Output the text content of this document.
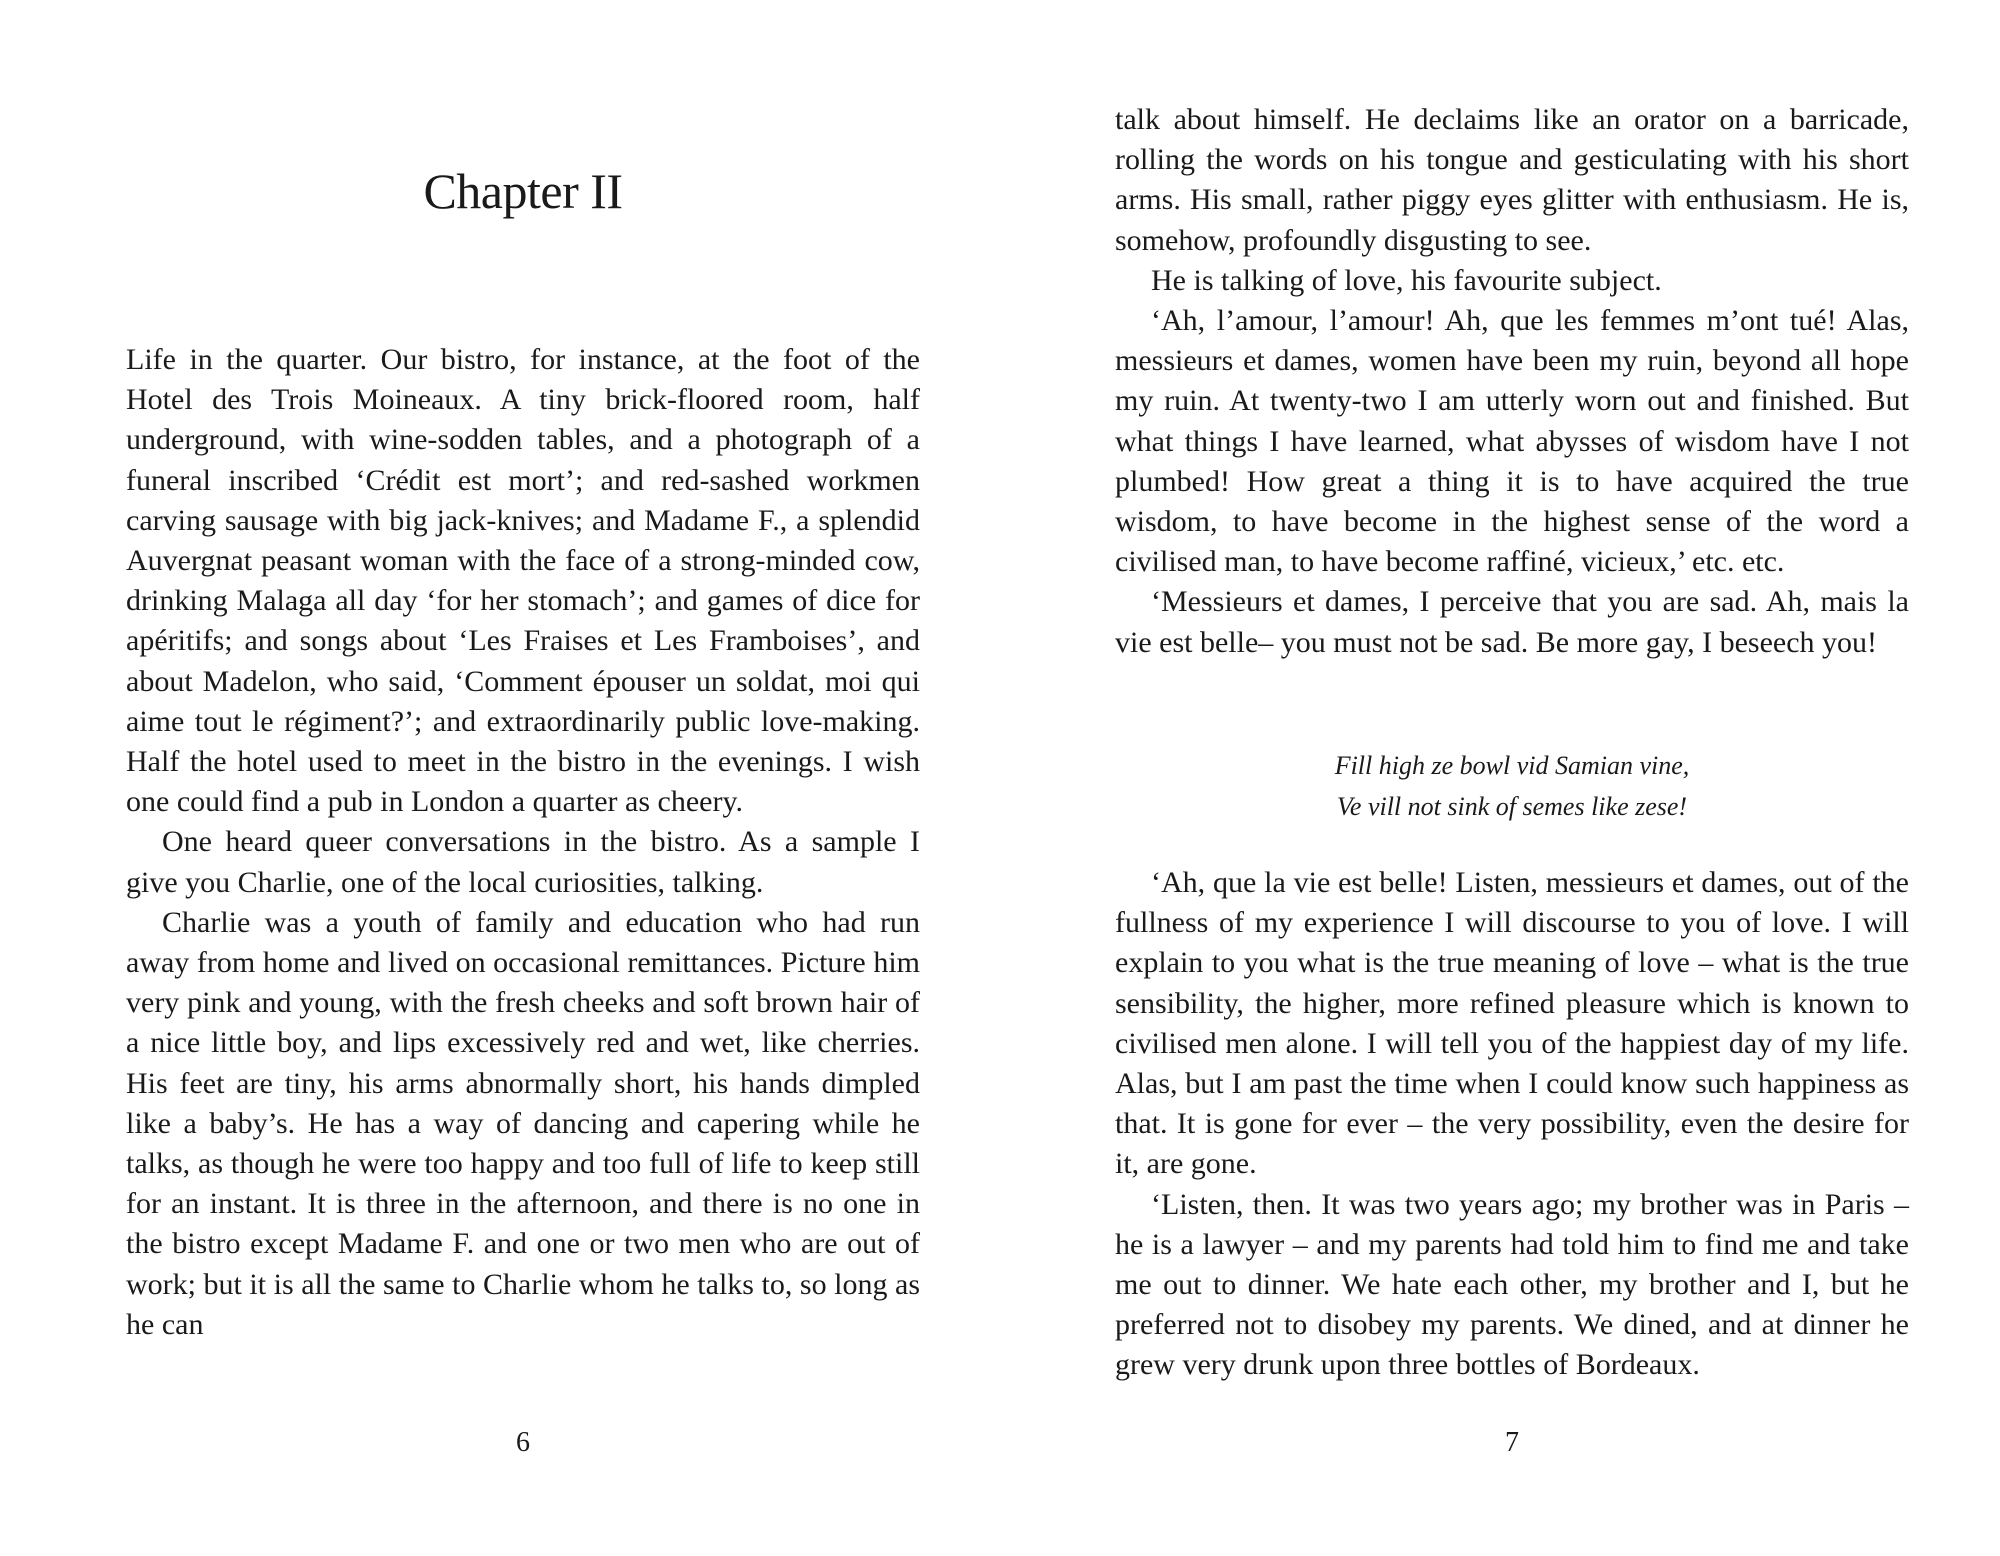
Chapter II

Life in the quarter. Our bistro, for instance, at the foot of the Hotel des Trois Moineaux. A tiny brick-floored room, half underground, with wine-sodden tables, and a photograph of a funeral inscribed ‘Crédit est mort’; and red-sashed workmen carving sausage with big jack-knives; and Madame F., a splendid Auvergnat peasant woman with the face of a strong-minded cow, drinking Malaga all day ‘for her stomach’; and games of dice for apéritifs; and songs about ‘Les Fraises et Les Framboises’, and about Madelon, who said, ‘Comment épouser un soldat, moi qui aime tout le régiment?’; and extraordinarily public love-making. Half the hotel used to meet in the bistro in the evenings. I wish one could find a pub in London a quarter as cheery.

One heard queer conversations in the bistro. As a sample I give you Charlie, one of the local curiosities, talking.

Charlie was a youth of family and education who had run away from home and lived on occasional remittances. Picture him very pink and young, with the fresh cheeks and soft brown hair of a nice little boy, and lips excessively red and wet, like cherries. His feet are tiny, his arms abnormally short, his hands dimpled like a baby’s. He has a way of dancing and capering while he talks, as though he were too happy and too full of life to keep still for an instant. It is three in the afternoon, and there is no one in the bistro except Madame F. and one or two men who are out of work; but it is all the same to Charlie whom he talks to, so long as he can

6

talk about himself. He declaims like an orator on a barricade, rolling the words on his tongue and gesticulating with his short arms. His small, rather piggy eyes glitter with enthusiasm. He is, somehow, profoundly disgusting to see.

He is talking of love, his favourite subject.

‘Ah, l’amour, l’amour! Ah, que les femmes m’ont tué! Alas, messieurs et dames, women have been my ruin, beyond all hope my ruin. At twenty-two I am utterly worn out and finished. But what things I have learned, what abysses of wisdom have I not plumbed! How great a thing it is to have acquired the true wisdom, to have become in the highest sense of the word a civilised man, to have become raffiné, vicieux,’ etc. etc.

‘Messieurs et dames, I perceive that you are sad. Ah, mais la vie est belle– you must not be sad. Be more gay, I beseech you!

Fill high ze bowl vid Samian vine,
Ve vill not sink of semes like zese!

‘Ah, que la vie est belle! Listen, messieurs et dames, out of the fullness of my experience I will discourse to you of love. I will explain to you what is the true meaning of love – what is the true sensibility, the higher, more refined pleasure which is known to civilised men alone. I will tell you of the happiest day of my life. Alas, but I am past the time when I could know such happiness as that. It is gone for ever – the very possibility, even the desire for it, are gone.

‘Listen, then. It was two years ago; my brother was in Paris – he is a lawyer – and my parents had told him to find me and take me out to dinner. We hate each other, my brother and I, but he preferred not to disobey my parents. We dined, and at dinner he grew very drunk upon three bottles of Bordeaux.

7
